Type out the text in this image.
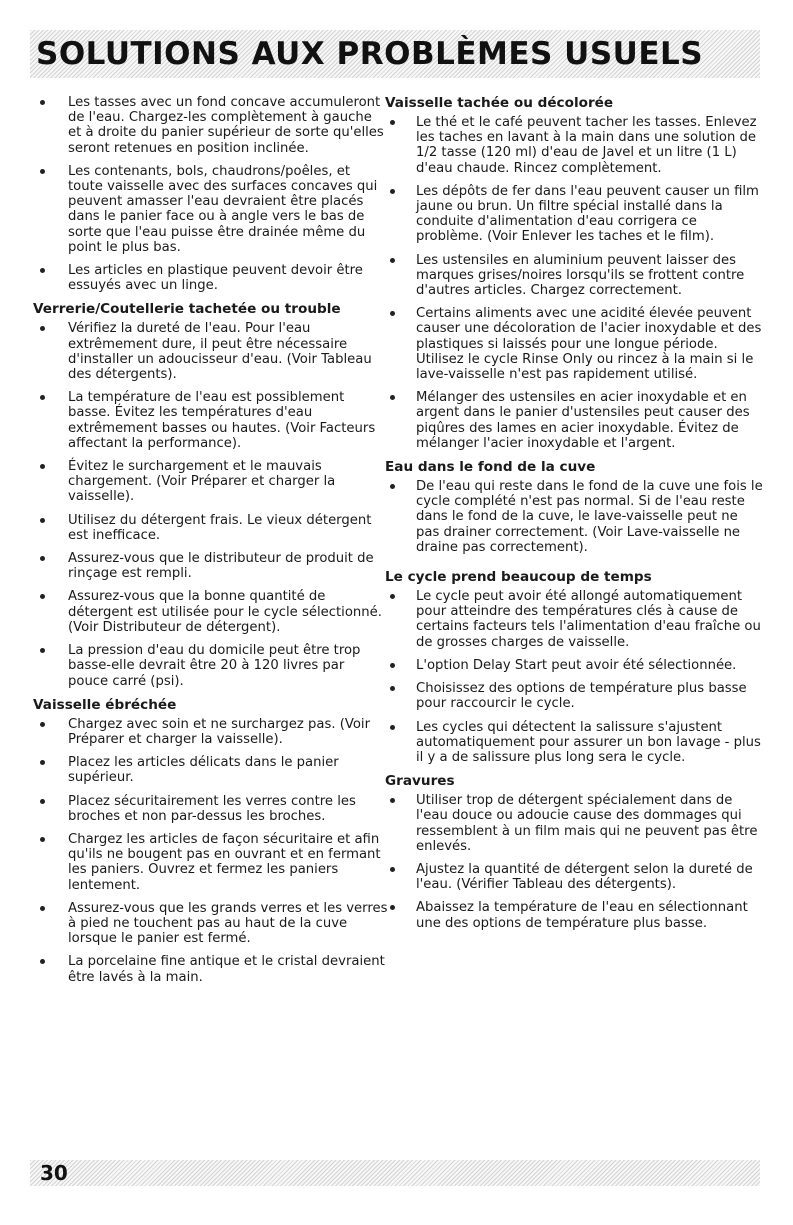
SOLUTIONS AUX PROBLÈMES USUELS
Les tasses avec un fond concave accumuleront de l'eau. Chargez-les complètement à gauche et à droite du panier supérieur de sorte qu'elles seront retenues en position inclinée.
Les contenants, bols, chaudrons/poêles, et toute vaisselle avec des surfaces concaves qui peuvent amasser l'eau devraient être placés dans le panier face ou à angle vers le bas de sorte que l'eau puisse être drainée même du point le plus bas.
Les articles en plastique peuvent devoir être essuyés avec un linge.
Verrerie/Coutellerie tachetée ou trouble
Vérifiez la dureté de l'eau. Pour l'eau extrêmement dure, il peut être nécessaire d'installer un adoucisseur d'eau. (Voir Tableau des détergents).
La température de l'eau est possiblement basse. Évitez les températures d'eau extrêmement basses ou hautes. (Voir Facteurs affectant la performance).
Évitez le surchargement et le mauvais chargement. (Voir Préparer et charger la vaisselle).
Utilisez du détergent frais. Le vieux détergent est inefficace.
Assurez-vous que le distributeur de produit de rinçage est rempli.
Assurez-vous que la bonne quantité de détergent est utilisée pour le cycle sélectionné. (Voir Distributeur de détergent).
La pression d'eau du domicile peut être trop basse-elle devrait être 20 à 120 livres par pouce carré (psi).
Vaisselle ébréchée
Chargez avec soin et ne surchargez pas. (Voir Préparer et charger la vaisselle).
Placez les articles délicats dans le panier supérieur.
Placez sécuritairement les verres contre les broches et non par-dessus les broches.
Chargez les articles de façon sécuritaire et afin qu'ils ne bougent pas en ouvrant et en fermant les paniers. Ouvrez et fermez les paniers lentement.
Assurez-vous que les grands verres et les verres à pied ne touchent pas au haut de la cuve lorsque le panier est fermé.
La porcelaine fine antique et le cristal devraient être lavés à la main.
Vaisselle tachée ou décolorée
Le thé et le café peuvent tacher les tasses. Enlevez les taches en lavant à la main dans une solution de 1/2 tasse (120 ml) d'eau de Javel et un litre (1 L) d'eau chaude. Rincez complètement.
Les dépôts de fer dans l'eau peuvent causer un film jaune ou brun. Un filtre spécial installé dans la conduite d'alimentation d'eau corrigera ce problème. (Voir Enlever les taches et le film).
Les ustensiles en aluminium peuvent laisser des marques grises/noires lorsqu'ils se frottent contre d'autres articles. Chargez correctement.
Certains aliments avec une acidité élevée peuvent causer une décoloration de l'acier inoxydable et des plastiques si laissés pour une longue période. Utilisez le cycle Rinse Only ou rincez à la main si le lave-vaisselle n'est pas rapidement utilisé.
Mélanger des ustensiles en acier inoxydable et en argent dans le panier d'ustensiles peut causer des piqûres des lames en acier inoxydable. Évitez de mélanger l'acier inoxydable et l'argent.
Eau dans le fond de la cuve
De l'eau qui reste dans le fond de la cuve une fois le cycle complété n'est pas normal. Si de l'eau reste dans le fond de la cuve, le lave-vaisselle peut ne pas drainer correctement. (Voir Lave-vaisselle ne draine pas correctement).
Le cycle prend beaucoup de temps
Le cycle peut avoir été allongé automatiquement pour atteindre des températures clés à cause de certains facteurs tels l'alimentation d'eau fraîche ou de grosses charges de vaisselle.
L'option Delay Start peut avoir été sélectionnée.
Choisissez des options de température plus basse pour raccourcir le cycle.
Les cycles qui détectent la salissure s'ajustent automatiquement pour assurer un bon lavage - plus il y a de salissure plus long sera le cycle.
Gravures
Utiliser trop de détergent spécialement dans de l'eau douce ou adoucie cause des dommages qui ressemblent à un film mais qui ne peuvent pas être enlevés.
Ajustez la quantité de détergent selon la dureté de l'eau. (Vérifier Tableau des détergents).
Abaissez la température de l'eau en sélectionnant une des options de température plus basse.
30
